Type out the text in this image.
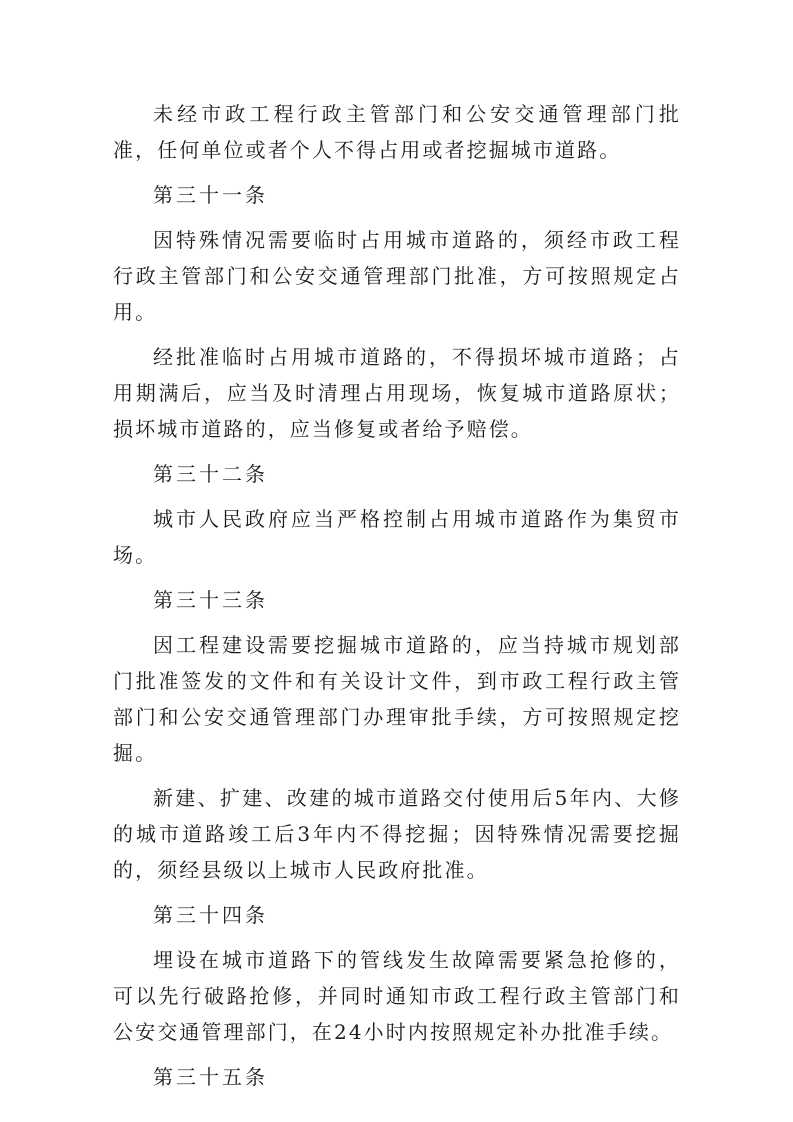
未经市政工程行政主管部门和公安交通管理部门批准，任何单位或者个人不得占用或者挖掘城市道路。

第三十一条

因特殊情况需要临时占用城市道路的，须经市政工程行政主管部门和公安交通管理部门批准，方可按照规定占用。

经批准临时占用城市道路的，不得损坏城市道路；占用期满后，应当及时清理占用现场，恢复城市道路原状；损坏城市道路的，应当修复或者给予赔偿。

第三十二条

城市人民政府应当严格控制占用城市道路作为集贸市场。

第三十三条

因工程建设需要挖掘城市道路的，应当持城市规划部门批准签发的文件和有关设计文件，到市政工程行政主管部门和公安交通管理部门办理审批手续，方可按照规定挖掘。

新建、扩建、改建的城市道路交付使用后5年内、大修的城市道路竣工后3年内不得挖掘；因特殊情况需要挖掘的，须经县级以上城市人民政府批准。

第三十四条

埋设在城市道路下的管线发生故障需要紧急抢修的，可以先行破路抢修，并同时通知市政工程行政主管部门和公安交通管理部门，在24小时内按照规定补办批准手续。

第三十五条
